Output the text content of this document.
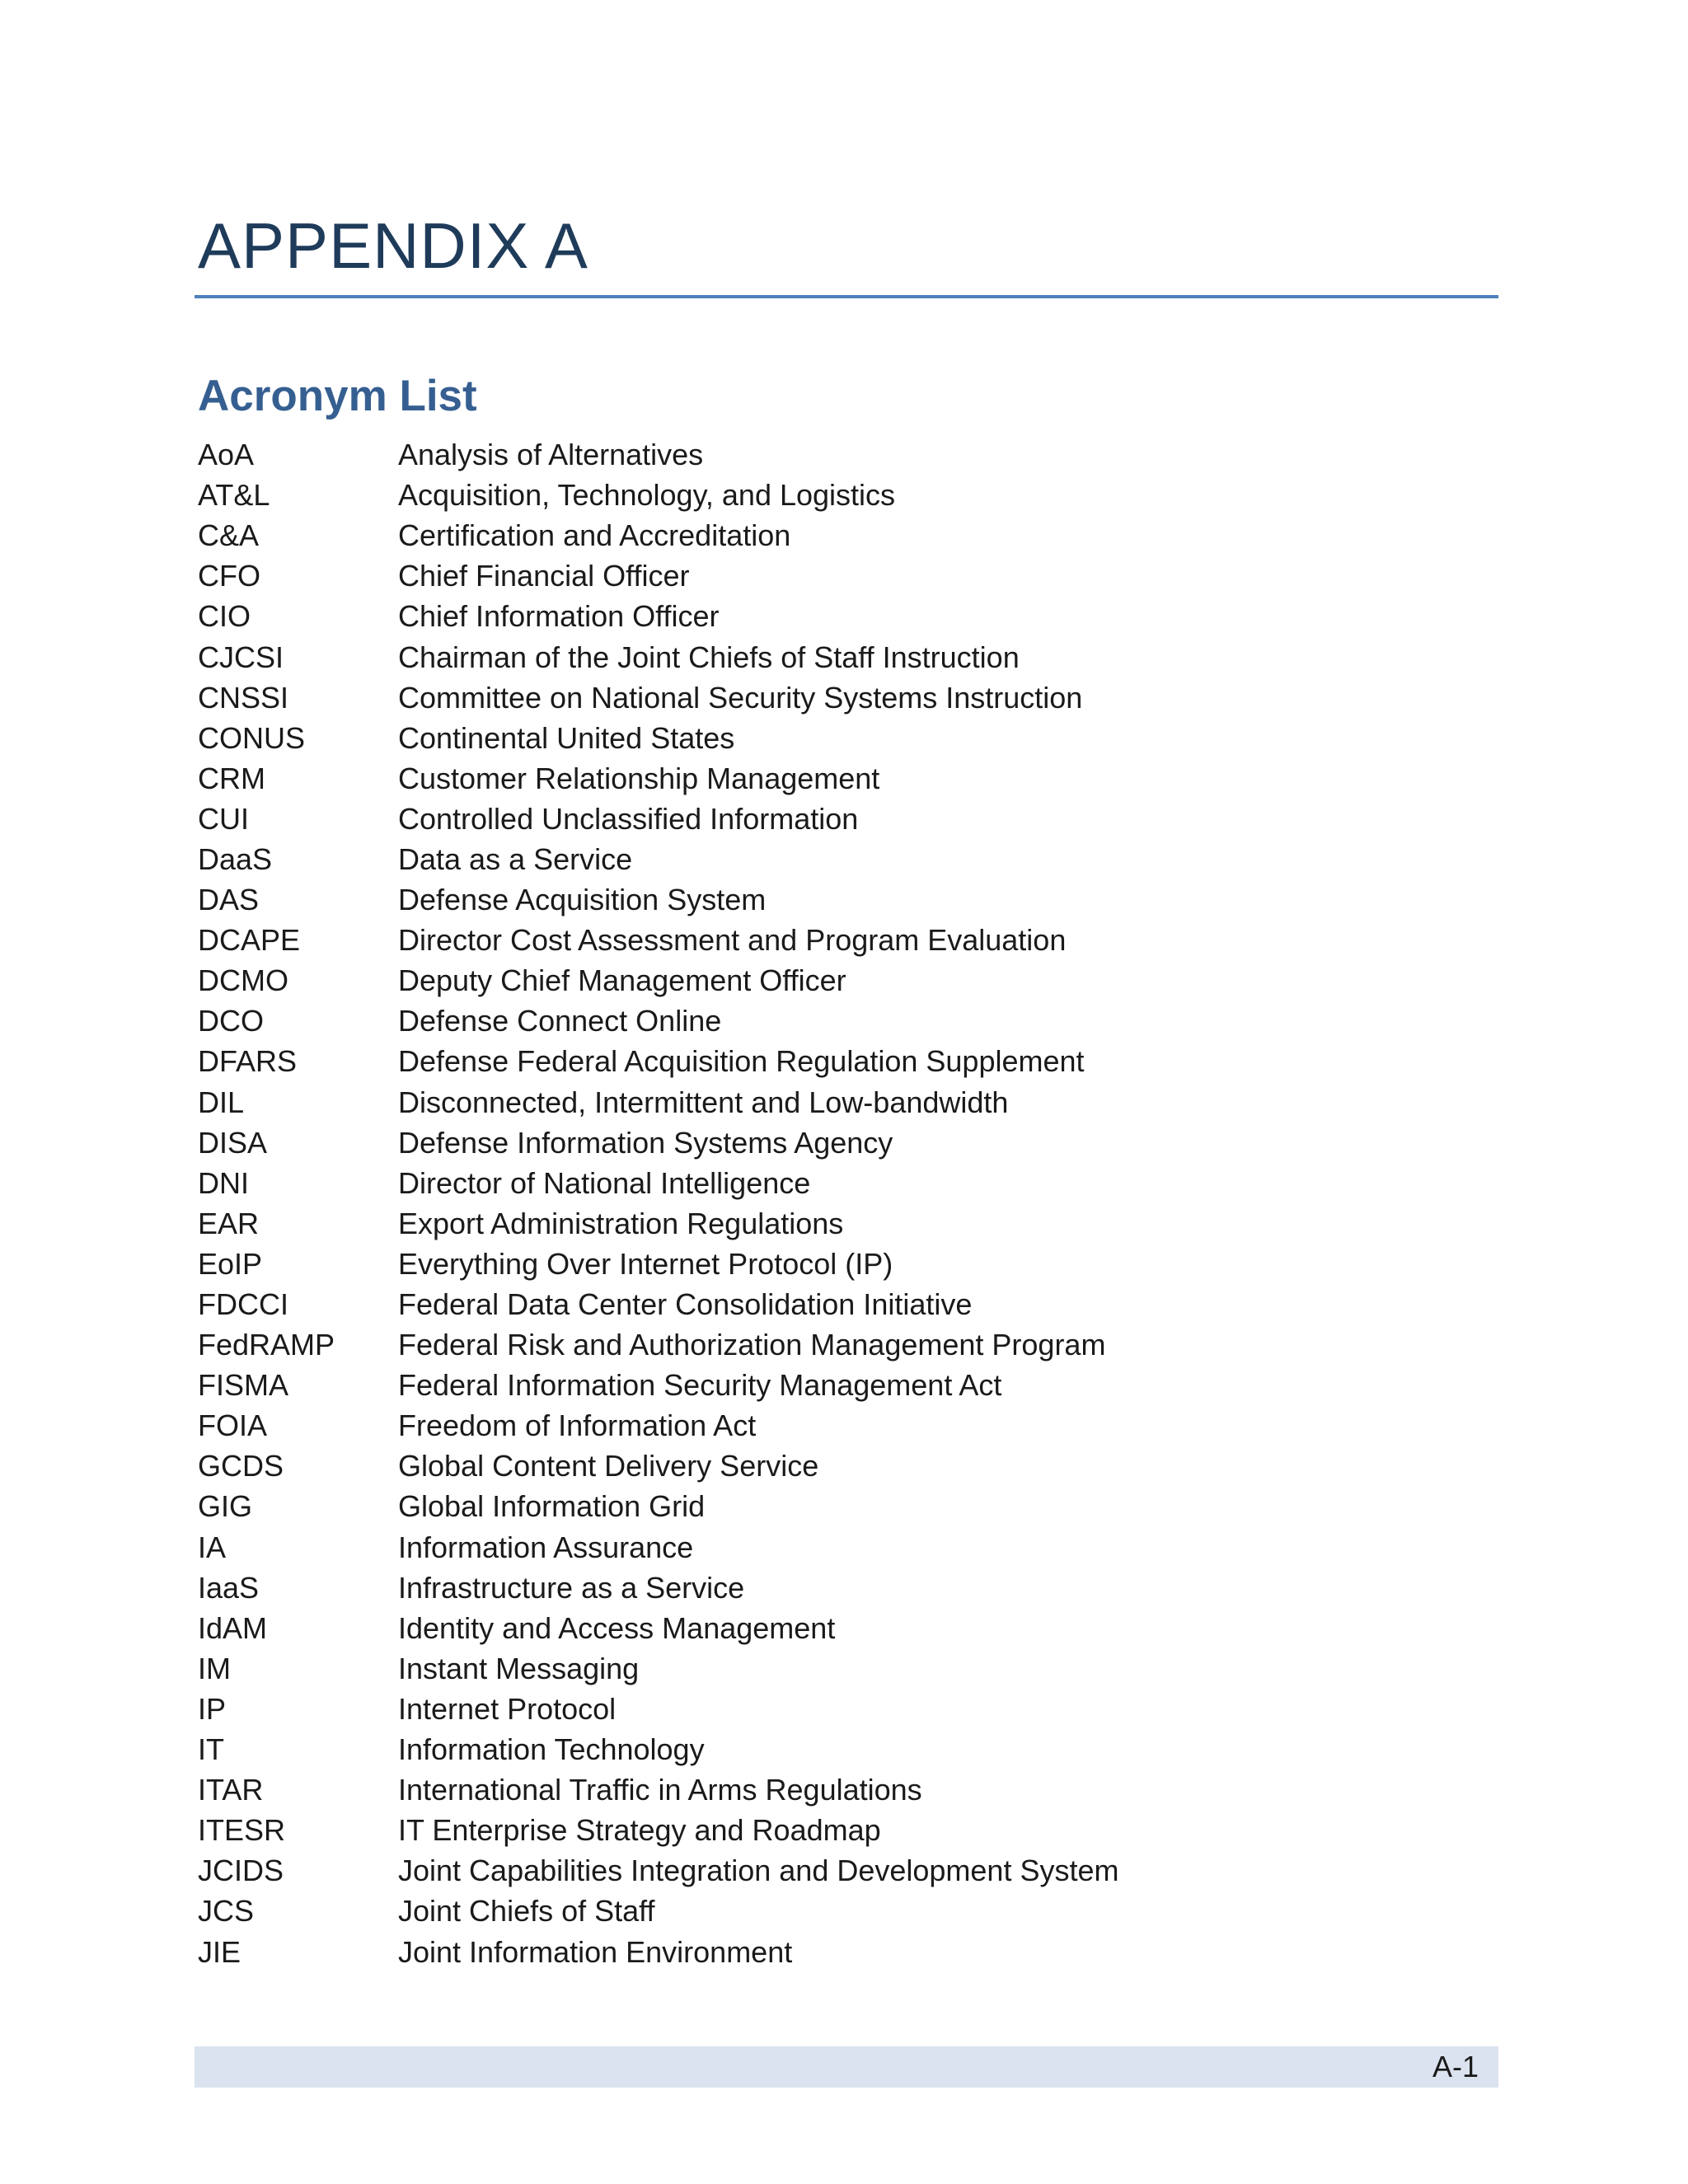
APPENDIX A
Acronym List
AoA	Analysis of Alternatives
AT&L	Acquisition, Technology, and Logistics
C&A	Certification and Accreditation
CFO	Chief Financial Officer
CIO	Chief Information Officer
CJCSI	Chairman of the Joint Chiefs of Staff Instruction
CNSSI	Committee on National Security Systems Instruction
CONUS	Continental United States
CRM	Customer Relationship Management
CUI	Controlled Unclassified Information
DaaS	Data as a Service
DAS	Defense Acquisition System
DCAPE	Director Cost Assessment and Program Evaluation
DCMO	Deputy Chief Management Officer
DCO	Defense Connect Online
DFARS	Defense Federal Acquisition Regulation Supplement
DIL	Disconnected, Intermittent and Low-bandwidth
DISA	Defense Information Systems Agency
DNI	Director of National Intelligence
EAR	Export Administration Regulations
EoIP	Everything Over Internet Protocol (IP)
FDCCI	Federal Data Center Consolidation Initiative
FedRAMP	Federal Risk and Authorization Management Program
FISMA	Federal Information Security Management Act
FOIA	Freedom of Information Act
GCDS	Global Content Delivery Service
GIG	Global Information Grid
IA	Information Assurance
IaaS	Infrastructure as a Service
IdAM	Identity and Access Management
IM	Instant Messaging
IP	Internet Protocol
IT	Information Technology
ITAR	International Traffic in Arms Regulations
ITESR	IT Enterprise Strategy and Roadmap
JCIDS	Joint Capabilities Integration and Development System
JCS	Joint Chiefs of Staff
JIE	Joint Information Environment
A-1
